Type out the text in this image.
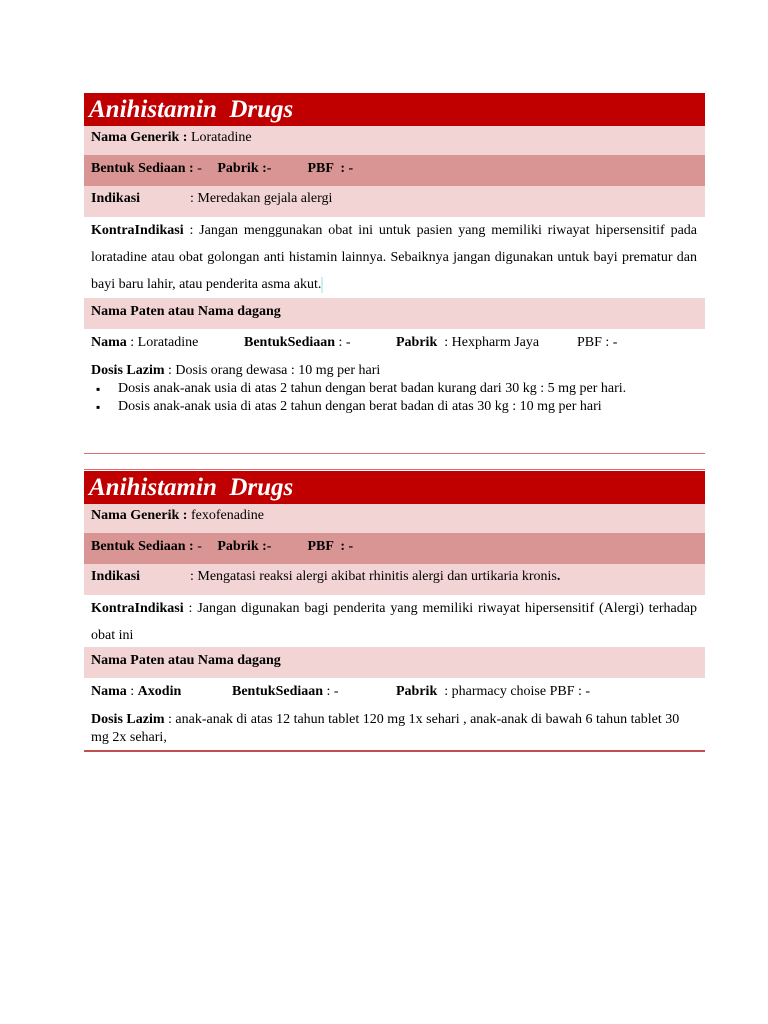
Anihistamin  Drugs
Nama Generik : Loratadine
Bentuk Sediaan : - Pabrik :-	PBF  : -
Indikasi	: Meredakan gejala alergi
KontraIndikasi : Jangan menggunakan obat ini untuk pasien yang memiliki riwayat hipersensitif pada loratadine atau obat golongan anti histamin lainnya. Sebaiknya jangan digunakan untuk bayi prematur dan bayi baru lahir, atau penderita asma akut.
Nama Paten atau Nama dagang
Nama : Loratadine	BentukSediaan : -	Pabrik  : Hexpharm Jaya	PBF : -
Dosis Lazim : Dosis orang dewasa : 10 mg per hari
▪ Dosis anak-anak usia di atas 2 tahun dengan berat badan kurang dari 30 kg : 5 mg per hari.
▪ Dosis anak-anak usia di atas 2 tahun dengan berat badan di atas 30 kg : 10 mg per hari
Anihistamin  Drugs
Nama Generik : fexofenadine
Bentuk Sediaan : - Pabrik :-	PBF  : -
Indikasi	: Mengatasi reaksi alergi akibat rhinitis alergi dan urtikaria kronis.
KontraIndikasi : Jangan digunakan bagi penderita yang memiliki riwayat hipersensitif (Alergi) terhadap obat ini
Nama Paten atau Nama dagang
Nama : Axodin	BentukSediaan : -	Pabrik  : pharmacy choise PBF : -
Dosis Lazim : anak-anak di atas 12 tahun tablet 120 mg 1x sehari , anak-anak di bawah 6 tahun tablet 30 mg 2x sehari,
